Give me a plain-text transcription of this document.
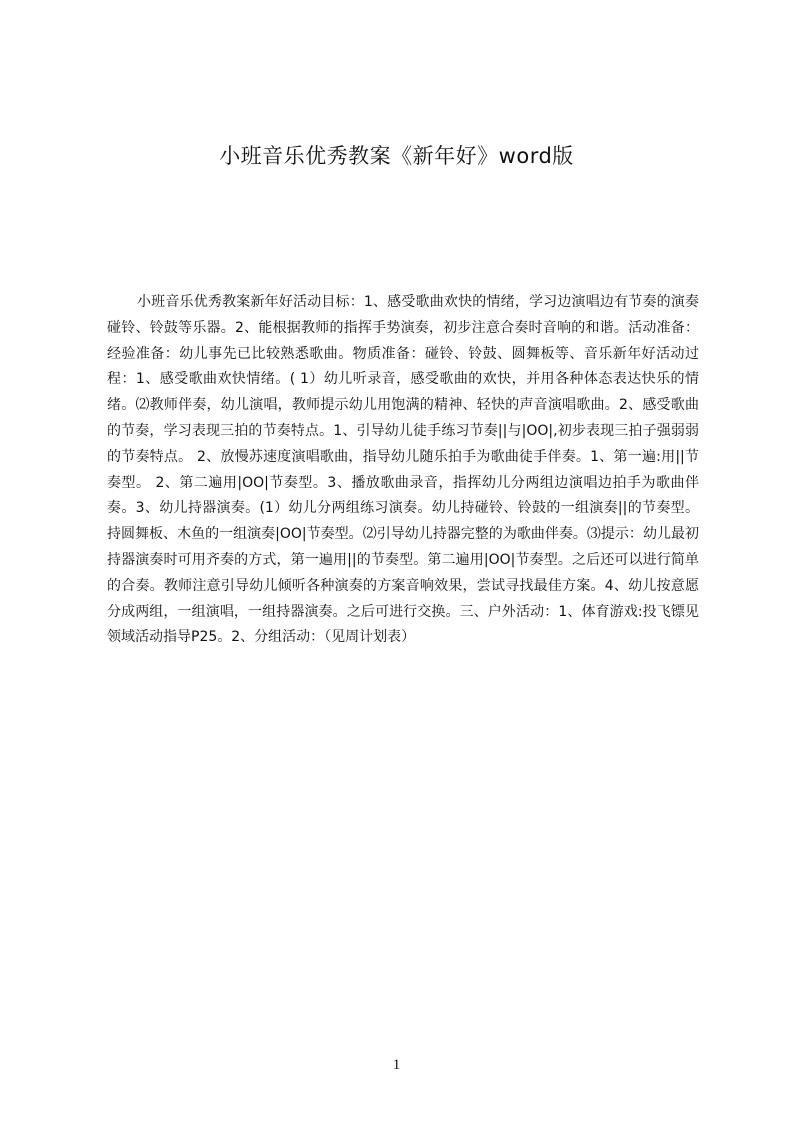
小班音乐优秀教案《新年好》word版

小班音乐优秀教案新年好活动目标：1、感受歌曲欢快的情绪，学习边演唱边有节奏的演奏碰铃、铃鼓等乐器。2、能根据教师的指挥手势演奏，初步注意合奏时音响的和谐。活动准备：经验准备：幼儿事先已比较熟悉歌曲。物质准备：碰铃、铃鼓、圆舞板等、音乐新年好活动过程：1、感受歌曲欢快情绪。( 1）幼儿听录音，感受歌曲的欢快，并用各种体态表达快乐的情绪。⑵教师伴奏，幼儿演唱，教师提示幼儿用饱满的精神、轻快的声音演唱歌曲。2、感受歌曲的节奏，学习表现三拍的节奏特点。1、引导幼儿徒手练习节奏||与|OO|,初步表现三拍子强弱弱的节奏特点。 2、放慢苏速度演唱歌曲，指导幼儿随乐拍手为歌曲徒手伴奏。1、第一遍:用||节奏型。 2、第二遍用|OO|节奏型。3、播放歌曲录音，指挥幼儿分两组边演唱边拍手为歌曲伴奏。3、幼儿持器演奏。(1）幼儿分两组练习演奏。幼儿持碰铃、铃鼓的一组演奏||的节奏型。持圆舞板、木鱼的一组演奏|OO|节奏型。⑵引导幼儿持器完整的为歌曲伴奏。⑶提示：幼儿最初持器演奏时可用齐奏的方式，第一遍用||的节奏型。第二遍用|OO|节奏型。之后还可以进行简单的合奏。教师注意引导幼儿倾听各种演奏的方案音响效果，尝试寻找最佳方案。4、幼儿按意愿分成两组，一组演唱，一组持器演奏。之后可进行交换。三、户外活动：1、体育游戏:投飞镖见领域活动指导P25。2、分组活动：（见周计划表）

1
